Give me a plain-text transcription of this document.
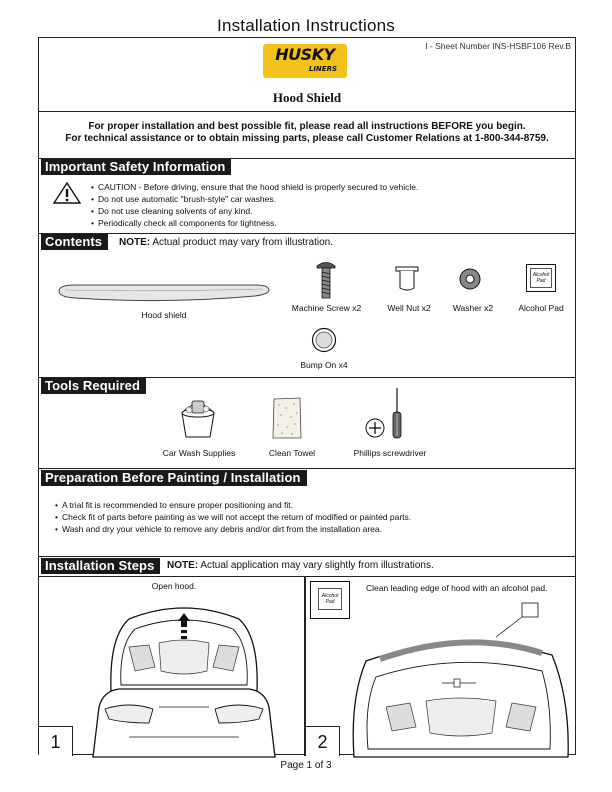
Installation Instructions
I - Sheet Number INS-HSBF106 Rev.B
HUSKY
LINERS
Hood Shield
For proper installation and best possible fit, please read all instructions BEFORE you begin.
For technical assistance or to obtain missing parts, please call Customer Relations at 1-800-344-8759.
Important Safety Information
• CAUTION - Before driving, ensure that the hood shield is properly secured to vehicle.
• Do not use automatic "brush-style" car washes.
• Do not use cleaning solvents of any kind.
• Periodically check all components for tightness.
Contents	NOTE: Actual product may vary from illustration.
Hood shield
Machine Screw x2	Well Nut x2	Washer x2
Alcohol
Pad
Alcohol Pad
Bump On x4
Tools Required
Car Wash Supplies	Clean Towel	Phillips screwdriver
Preparation Before Painting / Installation
• A trial fit is recommended to ensure proper positioning and fit.
• Check fit of parts before painting as we will not accept the return of modified or painted parts.
• Wash and dry your vehicle to remove any debris and/or dirt from the installation area.
Installation Steps	NOTE: Actual application may vary slightly from illustrations.
Open hood.
1
Alcohol
Pad
Clean leading edge of hood with an alcohol pad.
2
Page 1 of 3
